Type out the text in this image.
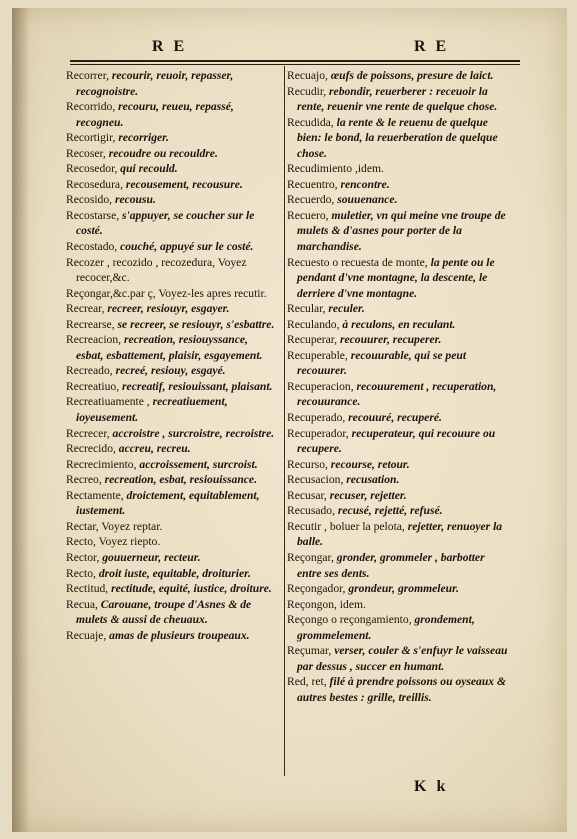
R E	R E

Recorrer, recourir, reuoir, repasser, recognoistre.

Recorrido, recouru, reueu, repassé, recogneu.

Recortigir, recorriger.

Recoser, recoudre ou recouldre.

Recosedor, qui recould.

Recosedura, recousement, recousure.

Recosido, recousu.

Recostarse, s'appuyer, se coucher sur le costé.

Recostado, couché, appuyé sur le costé.

Recozer , recozido , recozedura, Voyez recocer,&c.

Reçongar,&c.par ç, Voyez-les apres recutir.

Recrear, recreer, resiouyr, esgayer.

Recrearse, se recreer, se resiouyr, s'esbattre.

Recreacion, recreation, resiouyssance, esbat, esbattement, plaisir, esgayement.

Recreado, recreé, resiouy, esgayé.

Recreatiuo, recreatif, resiouissant, plaisant.

Recreatiuamente , recreatiuement, ioyeusement.

Recrecer, accroistre , surcroistre, recroistre.

Recrecido, accreu, recreu.

Recrecimiento, accroissement, surcroist.

Recreo, recreation, esbat, resiouissance.

Rectamente, droictement, equitablement, iustement.

Rectar, Voyez reptar.

Recto, Voyez riepto.

Rector, gouuerneur, recteur.

Recto, droit iuste, equitable, droiturier.

Rectitud, rectitude, equité, iustice, droiture.

Recua, Carouane, troupe d'Asnes & de mulets & aussi de cheuaux.

Recuaje, amas de plusieurs troupeaux.

Recuajo, œufs de poissons, presure de laict.

Recudir, rebondir, reuerberer : receuoir la rente, reuenir vne rente de quelque chose.

Recudida, la rente & le reuenu de quelque bien: le bond, la reuerberation de quelque chose.

Recudimiento ,idem.

Recuentro, rencontre.

Recuerdo, souuenance.

Recuero, muletier, vn qui meine vne troupe de mulets & d'asnes pour porter de la marchandise.

Recuesto o recuesta de monte, la pente ou le pendant d'vne montagne, la descente, le derriere d'vne montagne.

Recular, reculer.

Reculando, à reculons, en reculant.

Recuperar, recouurer, recuperer.

Recuperable, recouurable, qui se peut recouurer.

Recuperacion, recouurement , recuperation, recouurance.

Recuperado, recouuré, recuperé.

Recuperador, recuperateur, qui recouure ou recupere.

Recurso, recourse, retour.

Recusacion, recusation.

Recusar, recuser, rejetter.

Recusado, recusé, rejetté, refusé.

Recutir , boluer la pelota, rejetter, renuoyer la balle.

Reçongar, gronder, grommeler , barbotter entre ses dents.

Reçongador, grondeur, grommeleur.

Reçongon, idem.

Reçongo o reçongamiento, grondement, grommelement.

Reçumar, verser, couler & s'enfuyr le vaisseau par dessus , succer en humant.

Red, ret, filé à prendre poissons ou oyseaux & autres bestes : grille, treillis.

K k
